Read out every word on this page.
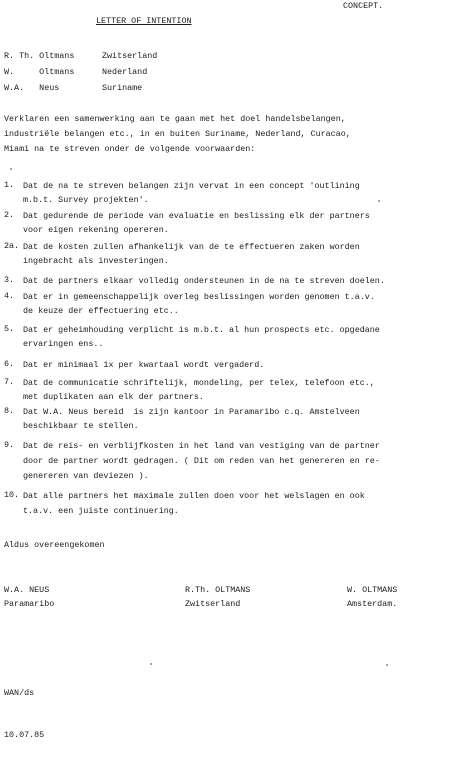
CONCEPT.
LETTER OF INTENTION
R. Th. Oltmans	Zwitserland
W.     Oltmans	Nederland
W.A.   Neus	Suriname
Verklaren een samenwerking aan te gaan met het doel handelsbelangen,
industriële belangen etc., in en buiten Suriname, Nederland, Curacao,
Miami na te streven onder de volgende voorwaarden:
1. Dat de na te streven belangen zijn vervat in een concept 'outlining
m.b.t. Survey projekten'.
2. Dat gedurende de periode van evaluatie en beslissing elk der partners
voor eigen rekening opereren.
2a. Dat de kosten zullen afhankelijk van de te effectueren zaken worden
ingebracht als investeringen.
3. Dat de partners elkaar volledig ondersteunen in de na te streven doelen.
4. Dat er in gemeenschappelijk overleg beslissingen worden genomen t.a.v.
de keuze der effectuering etc..
5. Dat er geheimhouding verplicht is m.b.t. al hun prospects etc. opgedane
ervaringen ens..
6. Dat er minimaal 1x per kwartaal wordt vergaderd.
7. Dat de communicatie schriftelijk, mondeling, per telex, telefoon etc.,
met duplikaten aan elk der partners.
8. Dat W.A. Neus bereid  is zijn kantoor in Paramaribo c.q. Amstelveen
beschikbaar te stellen.
9. Dat de reis- en verblijfkosten in het land van vestiging van de partner
door de partner wordt gedragen. ( Dit om reden van het genereren en re-
genereren van deviezen ).
10. Dat alle partners het maximale zullen doen voor het welslagen en ook
t.a.v. een juiste continuering.
Aldus overeengekomen
W.A. NEUS
Paramaribo
R.Th. OLTMANS
Zwitserland
W. OLTMANS
Amsterdam.

WAN/ds

10.07.85
